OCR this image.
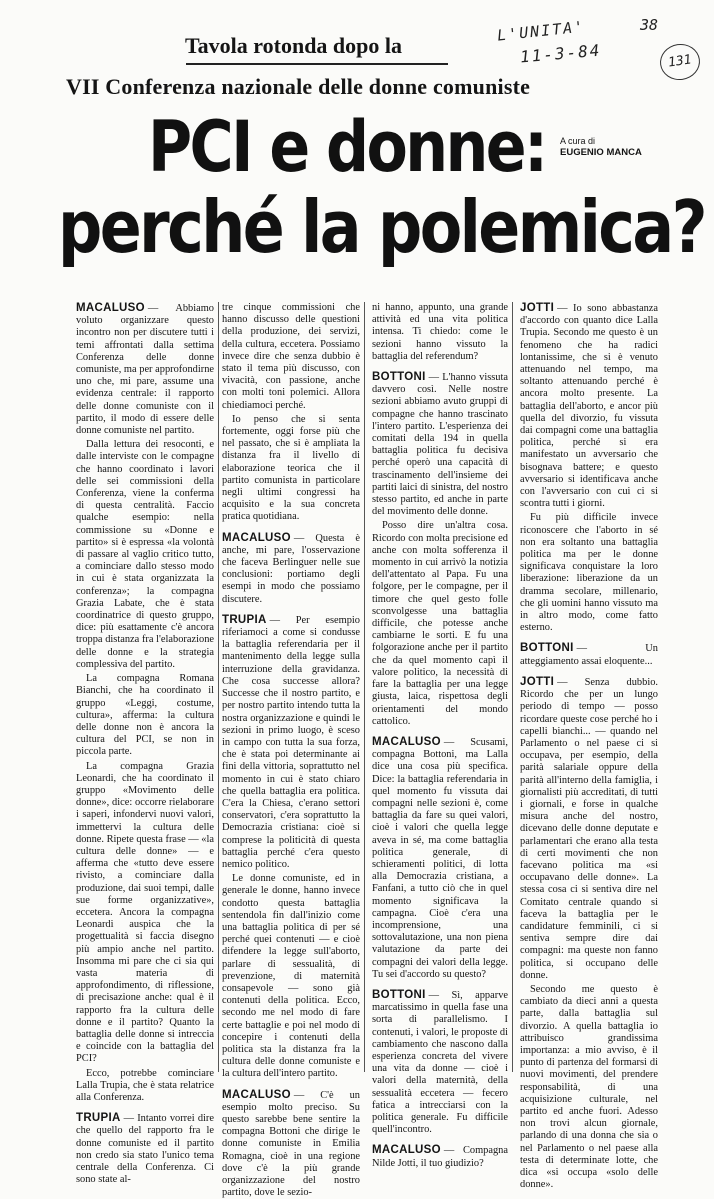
L'UNITA'
11-3-84
38
131
Tavola rotonda dopo la
VII Conferenza nazionale delle donne comuniste
PCI e donne:
perché la polemica?
A cura di
EUGENIO MANCA

MACALUSO — Abbiamo voluto organizzare questo incontro non per discutere tutti i temi affrontati dalla settima Conferenza delle donne comuniste, ma per approfondirne uno che, mi pare, assume una evidenza centrale: il rapporto delle donne comuniste con il partito, il modo di essere delle donne comuniste nel partito.

Dalla lettura dei resoconti, e dalle interviste con le compagne che hanno coordinato i lavori delle sei commissioni della Conferenza, viene la conferma di questa centralità. Faccio qualche esempio: nella commissione su «Donne e partito» si è espressa «la volontà di passare al vaglio critico tutto, a cominciare dallo stesso modo in cui è stata organizzata la conferenza»; la compagna Grazia Labate, che è stata coordinatrice di questo gruppo, dice: più esattamente c'è ancora troppa distanza fra l'elaborazione delle donne e la strategia complessiva del partito.

La compagna Romana Bianchi, che ha coordinato il gruppo «Leggi, costume, cultura», afferma: la cultura delle donne non è ancora la cultura del PCI, se non in piccola parte.

La compagna Grazia Leonardi, che ha coordinato il gruppo «Movimento delle donne», dice: occorre rielaborare i saperi, infondervi nuovi valori, immettervi la cultura delle donne. Ripete questa frase — «la cultura delle donne» — e afferma che «tutto deve essere rivisto, a cominciare dalla produzione, dai suoi tempi, dalle sue forme organizzative», eccetera. Ancora la compagna Leonardi auspica che la progettualità si faccia disegno più ampio anche nel partito. Insomma mi pare che ci sia qui vasta materia di approfondimento, di riflessione, di precisazione anche: qual è il rapporto fra la cultura delle donne e il partito? Quanto la battaglia delle donne si intreccia e coincide con la battaglia del PCI?

Ecco, potrebbe cominciare Lalla Trupia, che è stata relatrice alla Conferenza.

TRUPIA — Intanto vorrei dire che quello del rapporto fra le donne comuniste ed il partito non credo sia stato l'unico tema centrale della Conferenza. Ci sono state al-

tre cinque commissioni che hanno discusso delle questioni della produzione, dei servizi, della cultura, eccetera. Possiamo invece dire che senza dubbio è stato il tema più discusso, con vivacità, con passione, anche con molti toni polemici. Allora chiediamoci perché.

Io penso che si senta fortemente, oggi forse più che nel passato, che si è ampliata la distanza fra il livello di elaborazione teorica che il partito comunista in particolare negli ultimi congressi ha acquisito e la sua concreta pratica quotidiana.

MACALUSO — Questa è anche, mi pare, l'osservazione che faceva Berlinguer nelle sue conclusioni: portiamo degli esempi in modo che possiamo discutere.

TRUPIA — Per esempio riferiamoci a come si condusse la battaglia referendaria per il mantenimento della legge sulla interruzione della gravidanza. Che cosa successe allora? Successe che il nostro partito, e per nostro partito intendo tutta la nostra organizzazione e quindi le sezioni in primo luogo, è sceso in campo con tutta la sua forza, che è stata poi determinante ai fini della vittoria, soprattutto nel momento in cui è stato chiaro che quella battaglia era politica. C'era la Chiesa, c'erano settori conservatori, c'era soprattutto la Democrazia cristiana: cioè si comprese la politicità di questa battaglia perché c'era questo nemico politico.

Le donne comuniste, ed in generale le donne, hanno invece condotto questa battaglia sentendola fin dall'inizio come una battaglia politica di per sé perché quei contenuti — e cioè difendere la legge sull'aborto, parlare di sessualità, di prevenzione, di maternità consapevole — sono già contenuti della politica. Ecco, secondo me nel modo di fare certe battaglie e poi nel modo di concepire i contenuti della politica sta la distanza fra la cultura delle donne comuniste e la cultura dell'intero partito.

MACALUSO — C'è un esempio molto preciso. Su questo sarebbe bene sentire la compagna Bottoni che dirige le donne comuniste in Emilia Romagna, cioè in una regione dove c'è la più grande organizzazione del nostro partito, dove le sezio-

ni hanno, appunto, una grande attività ed una vita politica intensa. Ti chiedo: come le sezioni hanno vissuto la battaglia del referendum?

BOTTONI — L'hanno vissuta davvero così. Nelle nostre sezioni abbiamo avuto gruppi di compagne che hanno trascinato l'intero partito. L'esperienza dei comitati della 194 in quella battaglia politica fu decisiva perché operò una capacità di trascinamento dell'insieme dei partiti laici di sinistra, del nostro stesso partito, ed anche in parte del movimento delle donne.

Posso dire un'altra cosa. Ricordo con molta precisione ed anche con molta sofferenza il momento in cui arrivò la notizia dell'attentato al Papa. Fu una folgore, per le compagne, per il timore che quel gesto folle sconvolgesse una battaglia difficile, che potesse anche cambiarne le sorti. E fu una folgorazione anche per il partito che da quel momento capì il valore politico, la necessità di fare la battaglia per una legge giusta, laica, rispettosa degli orientamenti del mondo cattolico.

MACALUSO — Scusami, compagna Bottoni, ma Lalla dice una cosa più specifica. Dice: la battaglia referendaria in quel momento fu vissuta dai compagni nelle sezioni è, come battaglia da fare su quei valori, cioè i valori che quella legge aveva in sé, ma come battaglia politica generale, di schieramenti politici, di lotta alla Democrazia cristiana, a Fanfani, a tutto ciò che in quel momento significava la campagna. Cioè c'era una incomprensione, una sottovalutazione, una non piena valutazione da parte dei compagni dei valori della legge. Tu sei d'accordo su questo?

BOTTONI — Sì, apparve marcatissimo in quella fase una sorta di parallelismo. I contenuti, i valori, le proposte di cambiamento che nascono dalla esperienza concreta del vivere una vita da donne — cioè i valori della maternità, della sessualità eccetera — fecero fatica a intrecciarsi con la politica generale. Fu difficile quell'incontro.

MACALUSO — Compagna Nilde Jotti, il tuo giudizio?

JOTTI — Io sono abbastanza d'accordo con quanto dice Lalla Trupia. Secondo me questo è un fenomeno che ha radici lontanissime, che si è venuto attenuando nel tempo, ma soltanto attenuando perché è ancora molto presente. La battaglia dell'aborto, e ancor più quella del divorzio, fu vissuta dai compagni come una battaglia politica, perché si era manifestato un avversario che bisognava battere; e questo avversario si identificava anche con l'avversario con cui ci si scontra tutti i giorni.

Fu più difficile invece riconoscere che l'aborto in sé non era soltanto una battaglia politica ma per le donne significava conquistare la loro liberazione: liberazione da un dramma secolare, millenario, che gli uomini hanno vissuto ma in altro modo, come fatto esterno.

BOTTONI — Un atteggiamento assai eloquente...

JOTTI — Senza dubbio. Ricordo che per un lungo periodo di tempo — posso ricordare queste cose perché ho i capelli bianchi... — quando nel Parlamento o nel paese ci si occupava, per esempio, della parità salariale oppure della parità all'interno della famiglia, i giornalisti più accreditati, di tutti i giornali, e forse in qualche misura anche del nostro, dicevano delle donne deputate e parlamentari che erano alla testa di certi movimenti che non facevano politica ma «si occupavano delle donne». La stessa cosa ci si sentiva dire nel Comitato centrale quando si faceva la battaglia per le candidature femminili, ci si sentiva sempre dire dai compagni: ma queste non fanno politica, si occupano delle donne.

Secondo me questo è cambiato da dieci anni a questa parte, dalla battaglia sul divorzio. A quella battaglia io attribuisco grandissima importanza: a mio avviso, è il punto di partenza del formarsi di nuovi movimenti, del prendere responsabilità, di una acquisizione culturale, nel partito ed anche fuori. Adesso non trovi alcun giornale, parlando di una donna che sia o nel Parlamento o nel paese alla testa di determinate lotte, che dica «si occupa «solo delle donne».
